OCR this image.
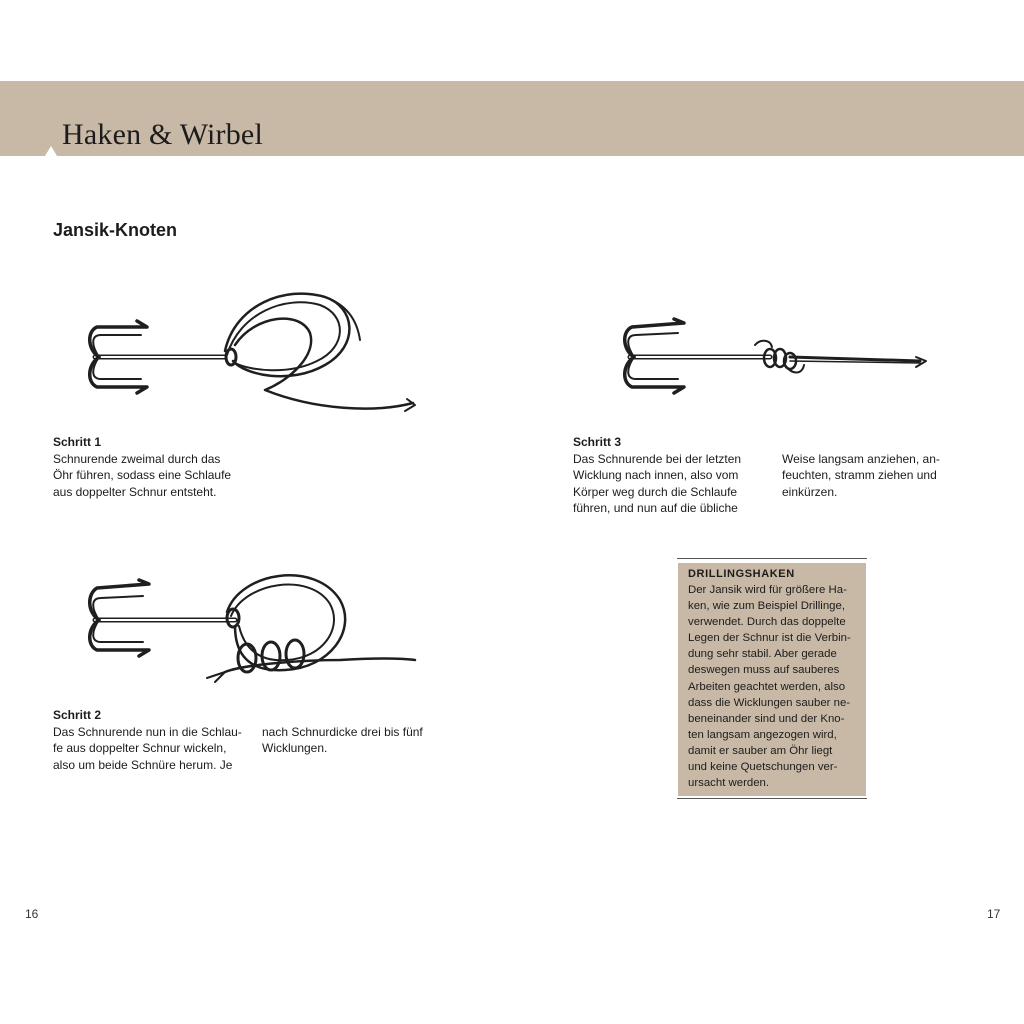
Haken & Wirbel
Jansik-Knoten
Schritt 1
Schnurende zweimal durch das
Öhr führen, sodass eine Schlaufe
aus doppelter Schnur entsteht.
Schritt 2
Das Schnurende nun in die Schlau-
fe aus doppelter Schnur wickeln,
also um beide Schnüre herum. Je
nach Schnurdicke drei bis fünf
Wicklungen.
Schritt 3
Das Schnurende bei der letzten
Wicklung nach innen, also vom
Körper weg durch die Schlaufe
führen, und nun auf die übliche
Weise langsam anziehen, an-
feuchten, stramm ziehen und
einkürzen.
DRILLINGSHAKEN
Der Jansik wird für größere Ha-
ken, wie zum Beispiel Drillinge,
verwendet. Durch das doppelte
Legen der Schnur ist die Verbin-
dung sehr stabil. Aber gerade
deswegen muss auf sauberes
Arbeiten geachtet werden, also
dass die Wicklungen sauber ne-
beneinander sind und der Kno-
ten langsam angezogen wird,
damit er sauber am Öhr liegt
und keine Quetschungen ver-
ursacht werden.
16	17
